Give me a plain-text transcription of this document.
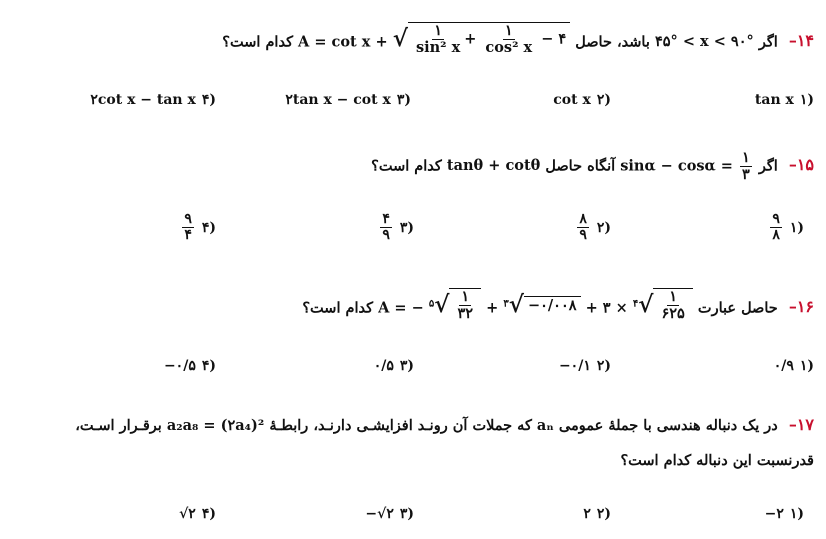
۱۴– اگر ۴۵° < x < ۹۰° باشد، حاصل A = cot x + √ $\frac{۱}{\text{sin² x}} + \frac{۱}{\text{cos² x}}$ − ۴
کدام است؟
tan x ۱)
cot x ۲)
۲tan x − cot x ۳)
۲cot x − tan x ۴)
۱۵– اگر $\sin\alpha - \cos\alpha = \frac{۱}{۳}$
آنگاه حاصل tanθ + cotθ کدام است؟
$\frac{۹}{۸}$ ۱)
$\frac{۸}{۹}$ ۲)
$\frac{۴}{۹}$ ۳)
$\frac{۹}{۴}$ ۴)
۱۶– حاصل عبارت A = − $^۵$ √ $\frac{۱}{۳۲} + ^۳$ √ −۰/۰۰۸ + ۳ × $^۴$ √ $\frac{۱}{۶۲۵}$
کدام است؟
۰/۹ ۱)
−۰/۱ ۲)
۰/۵ ۳)
−۰/۵ ۴)
۱۷– در یک دنباله هندسی با جملهٔ عمومی aₙ که جملات آن رونـد افزایشـی دارنـد، رابطـهٔ a₂a₈ = (۲a₄)² برقـرار اسـت،
قدرنسبت این دنباله کدام است؟
−۲ ۱)
۲ ۲)
−√۲ ۳)
√۲ ۴)
